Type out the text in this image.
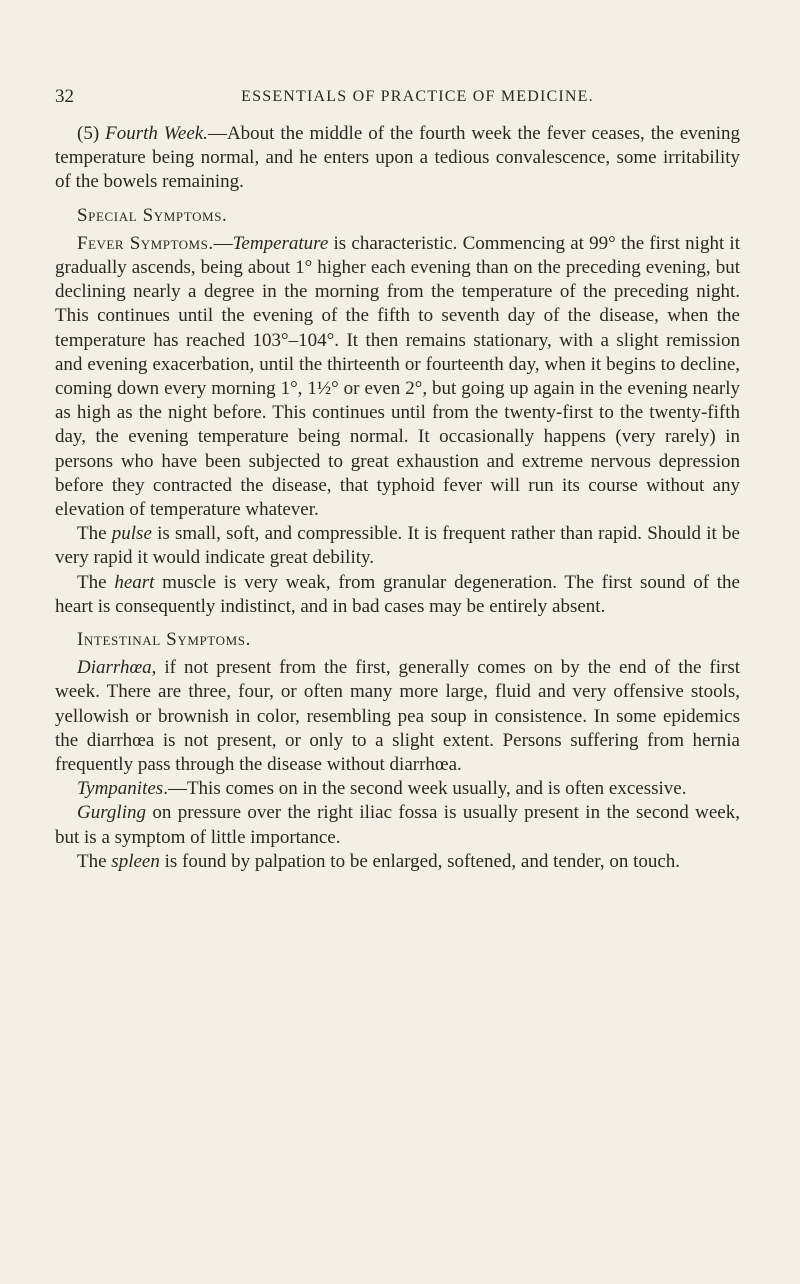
32	ESSENTIALS OF PRACTICE OF MEDICINE.

(5) Fourth Week.—About the middle of the fourth week the fever ceases, the evening temperature being normal, and he enters upon a tedious convalescence, some irritability of the bowels remaining.

Special Symptoms.

Fever Symptoms.—Temperature is characteristic. Commencing at 99° the first night it gradually ascends, being about 1° higher each evening than on the preceding evening, but declining nearly a degree in the morning from the temperature of the preceding night. This continues until the evening of the fifth to seventh day of the disease, when the temperature has reached 103°–104°. It then remains stationary, with a slight remission and evening exacerbation, until the thirteenth or fourteenth day, when it begins to decline, coming down every morning 1°, 1½° or even 2°, but going up again in the evening nearly as high as the night before. This continues until from the twenty-first to the twenty-fifth day, the evening temperature being normal. It occasionally happens (very rarely) in persons who have been subjected to great exhaustion and extreme nervous depression before they contracted the disease, that typhoid fever will run its course without any elevation of temperature whatever.

The pulse is small, soft, and compressible. It is frequent rather than rapid. Should it be very rapid it would indicate great debility.

The heart muscle is very weak, from granular degeneration. The first sound of the heart is consequently indistinct, and in bad cases may be entirely absent.

Intestinal Symptoms.

Diarrhœa, if not present from the first, generally comes on by the end of the first week. There are three, four, or often many more large, fluid and very offensive stools, yellowish or brownish in color, resembling pea soup in consistence. In some epidemics the diarrhœa is not present, or only to a slight extent. Persons suffering from hernia frequently pass through the disease without diarrhœa.

Tympanites.—This comes on in the second week usually, and is often excessive.

Gurgling on pressure over the right iliac fossa is usually present in the second week, but is a symptom of little importance.

The spleen is found by palpation to be enlarged, softened, and tender, on touch.
